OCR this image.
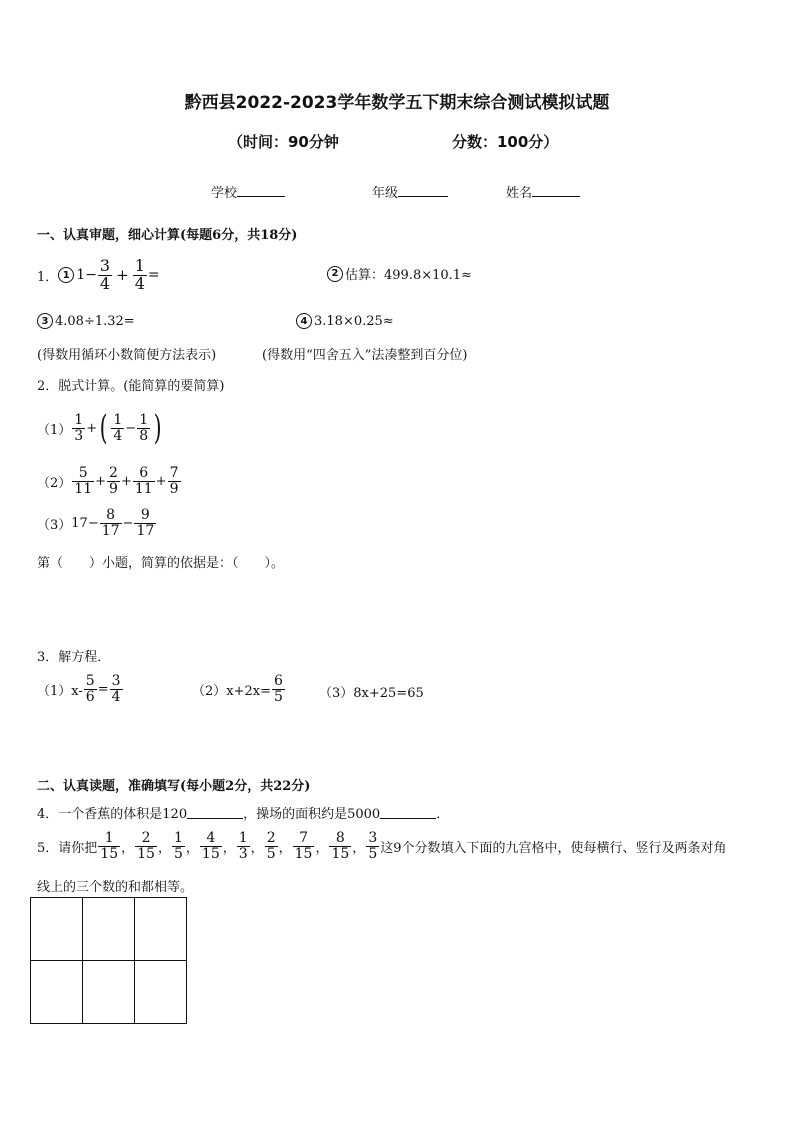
黔西县2022-2023学年数学五下期末综合测试模拟试题
（时间：90分钟	分数：100分）
学校	年级	姓名
一、认真审题，细心计算(每题6分，共18分)
1． 1 $1- \frac{3}{4} + \frac{1}{4}$ =	2 估算：499.8×10.1≈
3 4.08÷1.32=	4 3.18×0.25≈
(得数用循环小数简便方法表示)	(得数用“四舍五入”法凑整到百分位)
2．脱式计算。(能简算的要简算)
$(1) \frac{1}{3}$ + ( $\frac{1}{4} - \frac{1}{8}$ )
$(2) \frac{5}{11} + \frac{2}{9} + \frac{6}{11} + \frac{7}{9}$
（3） $17- \frac{8}{17} - \frac{9}{17}$
第（　　）小题，简算的依据是：（　　）。
3．解方程．
$(1)x- \frac{5}{6} = \frac{3}{4}$	$(2)x+2x= \frac{6}{5}$	（3）8x+25=65
二、认真读题，准确填写(每小题2分，共22分)
4．一个香蕉的体积是120	，操场的面积约是5000	．
5．请你把 $\frac{1}{15}$ ， $\frac{2}{15}$ ， $\frac{1}{5}$ ， $\frac{4}{15}$ ， $\frac{1}{3}$ ， $\frac{2}{5}$ ， $\frac{7}{15}$ ， $\frac{8}{15}$ ， $\frac{3}{5}$ 这9个分数填入下面的九宫格中，使每横行、竖行及两条对角
线上的三个数的和都相等。
